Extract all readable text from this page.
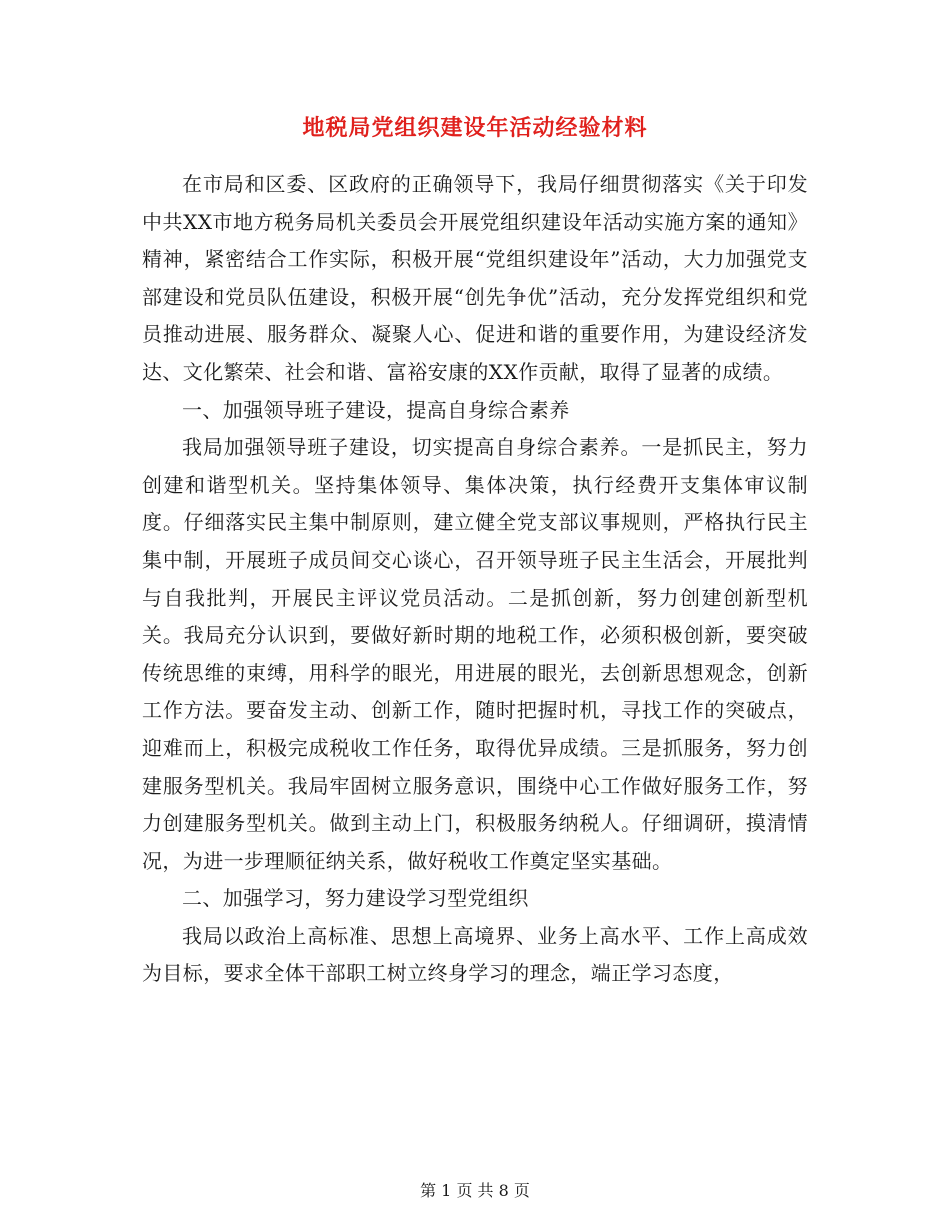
地税局党组织建设年活动经验材料

在市局和区委、区政府的正确领导下，我局仔细贯彻落实《关于印发中共XX市地方税务局机关委员会开展党组织建设年活动实施方案的通知》精神，紧密结合工作实际，积极开展“党组织建设年”活动，大力加强党支部建设和党员队伍建设，积极开展“创先争优”活动，充分发挥党组织和党员推动进展、服务群众、凝聚人心、促进和谐的重要作用，为建设经济发达、文化繁荣、社会和谐、富裕安康的XX作贡献，取得了显著的成绩。

一、加强领导班子建设，提高自身综合素养

我局加强领导班子建设，切实提高自身综合素养。一是抓民主，努力创建和谐型机关。坚持集体领导、集体决策，执行经费开支集体审议制度。仔细落实民主集中制原则，建立健全党支部议事规则，严格执行民主集中制，开展班子成员间交心谈心，召开领导班子民主生活会，开展批判与自我批判，开展民主评议党员活动。二是抓创新，努力创建创新型机关。我局充分认识到，要做好新时期的地税工作，必须积极创新，要突破传统思维的束缚，用科学的眼光，用进展的眼光，去创新思想观念，创新工作方法。要奋发主动、创新工作，随时把握时机，寻找工作的突破点，迎难而上，积极完成税收工作任务，取得优异成绩。三是抓服务，努力创建服务型机关。我局牢固树立服务意识，围绕中心工作做好服务工作，努力创建服务型机关。做到主动上门，积极服务纳税人。仔细调研，摸清情况，为进一步理顺征纳关系，做好税收工作奠定坚实基础。

二、加强学习，努力建设学习型党组织

我局以政治上高标准、思想上高境界、业务上高水平、工作上高成效为目标，要求全体干部职工树立终身学习的理念，端正学习态度，

第 1 页 共 8 页
